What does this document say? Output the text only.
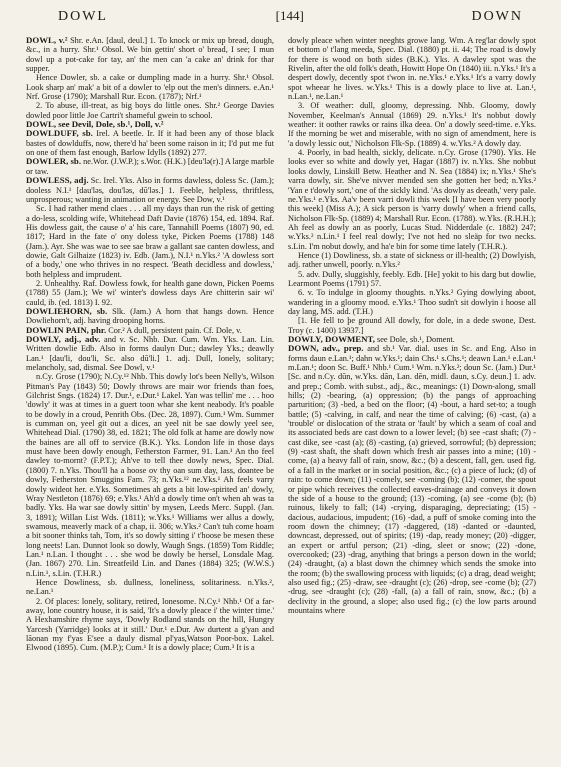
DOWL	[144]	DOWN

DOWL, v.² Shr. e.An. [daul, deul.] 1. To knock or mix up bread, dough, &c., in a hurry. Shr.¹ Obsol. We bin gettin' short o' bread, I see; I mun dowl up a pot-cake for tay, an' the men can 'a cake an' drink for thar supper.

Hence Dowler, sb. a cake or dumpling made in a hurry. Shr.¹ Obsol. Look sharp an' mak' a bit of a dowler to 'elp out the men's dinners. e.An.¹ Nrf. Grose (1790); Marshall Rur. Econ. (1787); Nrf.¹

2. To abuse, ill-treat, as big boys do little ones. Shr.² George Davies dowled poor little Joe Cartri't shameful gwein to school.

DOWL, see Devil, Dole, sb.¹, Doll, v.²

DOWLDUFF, sb. Irel. A beetle. Ir. If it had been any of those black bastes of dowlduffs, now, there'd ha' been some raison in it; I'd put me fut on one of them fast enough, Barlow Idylls (1892) 277.

DOWLER, sb. ne.Wor. (J.W.P.); s.Wor. (H.K.) [deu'lə(r).] A large marble or taw.

DOWLESS, adj. Sc. Irel. Yks. Also in forms dawless, doless Sc. (Jam.); dooless N.I.¹ [dau'ləs, dou'ləs, dū'ləs.] 1. Feeble, helpless, thriftless, unprosperous; wanting in animation or energy. See Dow, v.¹

Sc. I had rather mend claes . . . all my days than run the risk of getting a do-less, scolding wife, Whitehead Daft Davie (1876) 154, ed. 1894. Raf. His dowless gait, the cause o' a' his care, Tannahill Poems (1807) 90, ed. 1817; Hard in the fate o' ony doless tyke, Picken Poems (1788) 148 (Jam.). Ayr. She was wae to see sae braw a gallant sae canten dowless, and dowie, Galt Gilhaize (1823) iv. Edb. (Jam.), N.I.¹ n.Yks.² 'A dowless sort of a body,' one who thrives in no respect. 'Beath decidless and dowless,' both helpless and imprudent.

2. Unhealthy. Raf. Dowless fowk, for health gane down, Picken Poems (1788) 55 (Jam.); We wi' winter's dowless days Are chitterin sair wi' cauld, ib. (ed. 1813) I. 92.

DOWLIEHORN, sb. Slk. (Jam.) A horn that hangs down. Hence Dowliehorn't, adj. having drooping horns.

DOWLIN PAIN, phr. Cor.² A dull, persistent pain. Cf. Dole, v.

DOWLY, adj., adv. and v. Sc. Nhb. Dur. Cum. Wm. Yks. Lan. Lin. Written dowlie Edb. Also in forms daulyn Dur.; dawley Yks.; deawlly Lan.¹ [dau'li, dou'li, Sc. also dū'li.] 1. adj. Dull, lonely, solitary; melancholy, sad, dismal. See Dowl, v.¹

n.Cy. Grose (1790); N.Cy.¹² Nhb. This dowly lot's been Nelly's, Wilson Pitman's Pay (1843) 50; Dowly throws are mair wor friends than foes, Gilchrist Sngs. (1824) 17. Dur.¹, e.Dur.¹ Lakel. Yan was tellin' me . . . hoo 'dowly' it was at times in a guert toon whar she kent neabody. It's poable to be dowly in a croud, Penrith Obs. (Dec. 28, 1897). Cum.¹ Wm. Summer is cumman on, yeel git out a dices, an yeel nit be sae dowly yeel see, Whitehead Dial. (1790) 38, ed. 1821; The old folk at hame are dowly now the baines are all off to service (B.K.). Yks. London life in those days must have been dowly enough, Fetherston Farmer, 91. Lan.¹ An tho feel dawley to-mornt? (F.P.T.); Ah've to tell thee dowly news, Spec. Dial. (1800) 7. n.Yks. Thou'll ha a hoose ov thy oan sum day, lass, doantee be dowly, Fetherston Smuggins Fam. 73; n.Yks.¹² ne.Yks.¹ Ah feels varry dowly wideot her. e.Yks. Sometimes ah gets a bit low-spirited an' dowly, Wray Nestleton (1876) 69; e.Yks.¹ Ah'd a dowly time on't when ah was ta badly. Yks. Ha war sae dowly sittin' by mysen, Leeds Merc. Suppl. (Jan. 3, 1891); Willan List Wds. (1811); w.Yks.¹ Williams wer allus a dowly, swamous, meaverly mack of a chap, ii. 306; w.Yks.² Can't tuh come hoam a bit sooner thinks tah, Tom, it's so dowly sitting i' t'hoose be mesen these long neets! Lan. Dunnot look so dowly, Waugh Sngs. (1859) Tom Riddle; Lan.¹ n.Lan. I thought . . . she wod be dowly be hersel, Lonsdale Mag. (Jan. 1867) 270. Lin. Streatfeild Lin. and Danes (1884) 325; (W.W.S.) n.Lin.¹, s.Lin. (T.H.R.)

Hence Dowliness, sb. dullness, loneliness, solitariness. n.Yks.², ne.Lan.¹

2. Of places: lonely, solitary, retired, lonesome. N.Cy.¹ Nhb.¹ Of a far-away, lone country house, it is said, 'It's a dowly pleace i' the winter time.' A Hexhamshire rhyme says, 'Dowly Rodland stands on the hill, Hungry Yarcesh (Yarridge) looks at it still.' Dur.¹ e.Dur. Aw durtent a g'yan and lāonan my f'yas E'see a dauly dismal pl'yas,Watson Poor-box. Lakel. Elwood (1895). Cum. (M.P.); Cum.¹ It is a dowly place; Cum.³ It is a

dowly pleace when winter neeghts growe lang. Wm. A reg'lar dowly spot et bottom o' t'lang meeda, Spec. Dial. (1880) pt. ii. 44; The road is dowly for there is wood on both sides (B.K.). Yks. A dawley spot was the Rivelin, after the old folk's death, Howitt Hope On (1840) iii. n.Yks.¹ It's a despert dowly, decently spot t'won in. ne.Yks.¹ e.Yks.¹ It's a varry dowly spot wheear he lives. w.Yks.¹ This is a dowly place to live at. Lan.¹, n.Lan.¹, ne.Lan.¹

3. Of weather: dull, gloomy, depressing. Nhb. Gloomy, dowly November, Keelman's Annual (1869) 29. n.Yks.¹ It's nobbut dowly weather: it oother rawks or rains ilka deea. On' a dowly seed-time. e.Yks. If the morning be wet and miserable, with no sign of amendment, here is 'a dowly lessic out,' Nicholson Flk-Sp. (1889) 4. w.Yks.² A dowly day.

4. Poorly, in bad health, sickly, delicate. n.Cy. Grose (1790). Yks. He looks ever so white and dowly yet, Hagar (1887) iv. n.Yks. She nobbut looks dowly, Linskill Betw. Heather and N. Sea (1884) ix; n.Yks.¹ She's varra dowly, sir. She've nivver mended sen she gotten her bed; n.Yks.² 'Yan e t'dowly sort,' one of the sickly kind. 'As dowly as deeath,' very pale. ne.Yks.¹ e.Yks. Aa'v been varri dowli this week [I have been very poorly this week] (Miss A.); A sick person is 'varry dowly' when a friend calls, Nicholson Flk-Sp. (1889) 4; Marshall Rur. Econ. (1788). w.Yks. (R.H.H.); Ah feel as dowly an as poorly, Lucas Stud. Nidderdale (c. 1882) 247; w.Yks.² n.Lin.¹ I feel real dowly; I've not hed no sleäp for two necks. s.Lin. I'm nobut dowly, and ha'e bin for some time lately (T.H.R.).

Hence (1) Dowliness, sb. a state of sickness or ill-health; (2) Dowlyish, adj. rather unwell, poorly. n.Yks.²

5. adv. Dully, sluggishly, feebly. Edb. [He] yokit to his darg but dowlie, Learmont Poems (1791) 57.

6. v. To indulge in gloomy thoughts. n.Yks.² Gying dowlying aboot, wandering in a gloomy mood. e.Yks.¹ Thoo sudn't sit dowlyin i hoose all day lang, MS. add. (T.H.)

[1. He fell to þe ground All dowly, for dole, in a dede swone, Dest. Troy (c. 1400) 13937.]

DOWLY, DOWMENT, see Dole, sb.¹, Doment.

DOWN, adv., prep. and sb.¹ Var. dial. uses in Sc. and Eng. Also in forms daun e.Lan.¹; dahn w.Yks.¹; dain Chs.¹ s.Chs.¹; deawn Lan.¹ e.Lan.¹ m.Lan.¹; doon Sc. Buff.¹ Nhb.¹ Cum.¹ Wm. n.Yks.²; doun Sc. (Jam.) Dur.¹ [Sc. and n.Cy. dūn, w.Yks. dān, Lan. dēn, midl. daun, s.Cy. deun.] 1. adv. and prep.; Comb. with subst., adj., &c., meanings: (1) Down-along, small hills; (2) -bearing, (a) oppression; (b) the pangs of approaching parturition; (3) -bed, a bed on the floor; (4) -bout, a hard set-to; a tough battle; (5) -calving, in calf, and near the time of calving; (6) -cast, (a) a 'trouble' or dislocation of the strata or 'fault' by which a seam of coal and its associated beds are cast down to a lower level; (b) see -cast shaft; (7) -cast dike, see -cast (a); (8) -casting, (a) grieved, sorrowful; (b) depression; (9) -cast shaft, the shaft down which fresh air passes into a mine; (10) -come, (a) a heavy fall of rain, snow, &c.; (b) a descent, fall, gen. used fig. of a fall in the market or in social position, &c.; (c) a piece of luck; (d) of rain: to come down; (11) -comely, see -coming (b); (12) -comer, the spout or pipe which receives the collected eaves-drainage and conveys it down the side of a house to the ground; (13) -coming, (a) see -come (b); (b) ruinous, likely to fall; (14) -crying, disparaging, depreciating; (15) -dacious, audacious, impudent; (16) -dad, a puff of smoke coming into the room down the chimney; (17) -daggered, (18) -danted or -daunted, downcast, depressed, out of spirits; (19) -dap, ready money; (20) -digger, an expert or artful person; (21) -ding, sleet or snow; (22) -done, overcooked; (23) -drag, anything that brings a person down in the world; (24) -draught, (a) a blast down the chimney which sends the smoke into the room; (b) the swallowing process with liquids; (c) a drag, dead weight; also used fig.; (25) -draw, see -draught (c); (26) -drop, see -come (b); (27) -drug, see -draught (c); (28) -fall, (a) a fall of rain, snow, &c.; (b) a declivity in the ground, a slope; also used fig.; (c) the low parts around mountains where
